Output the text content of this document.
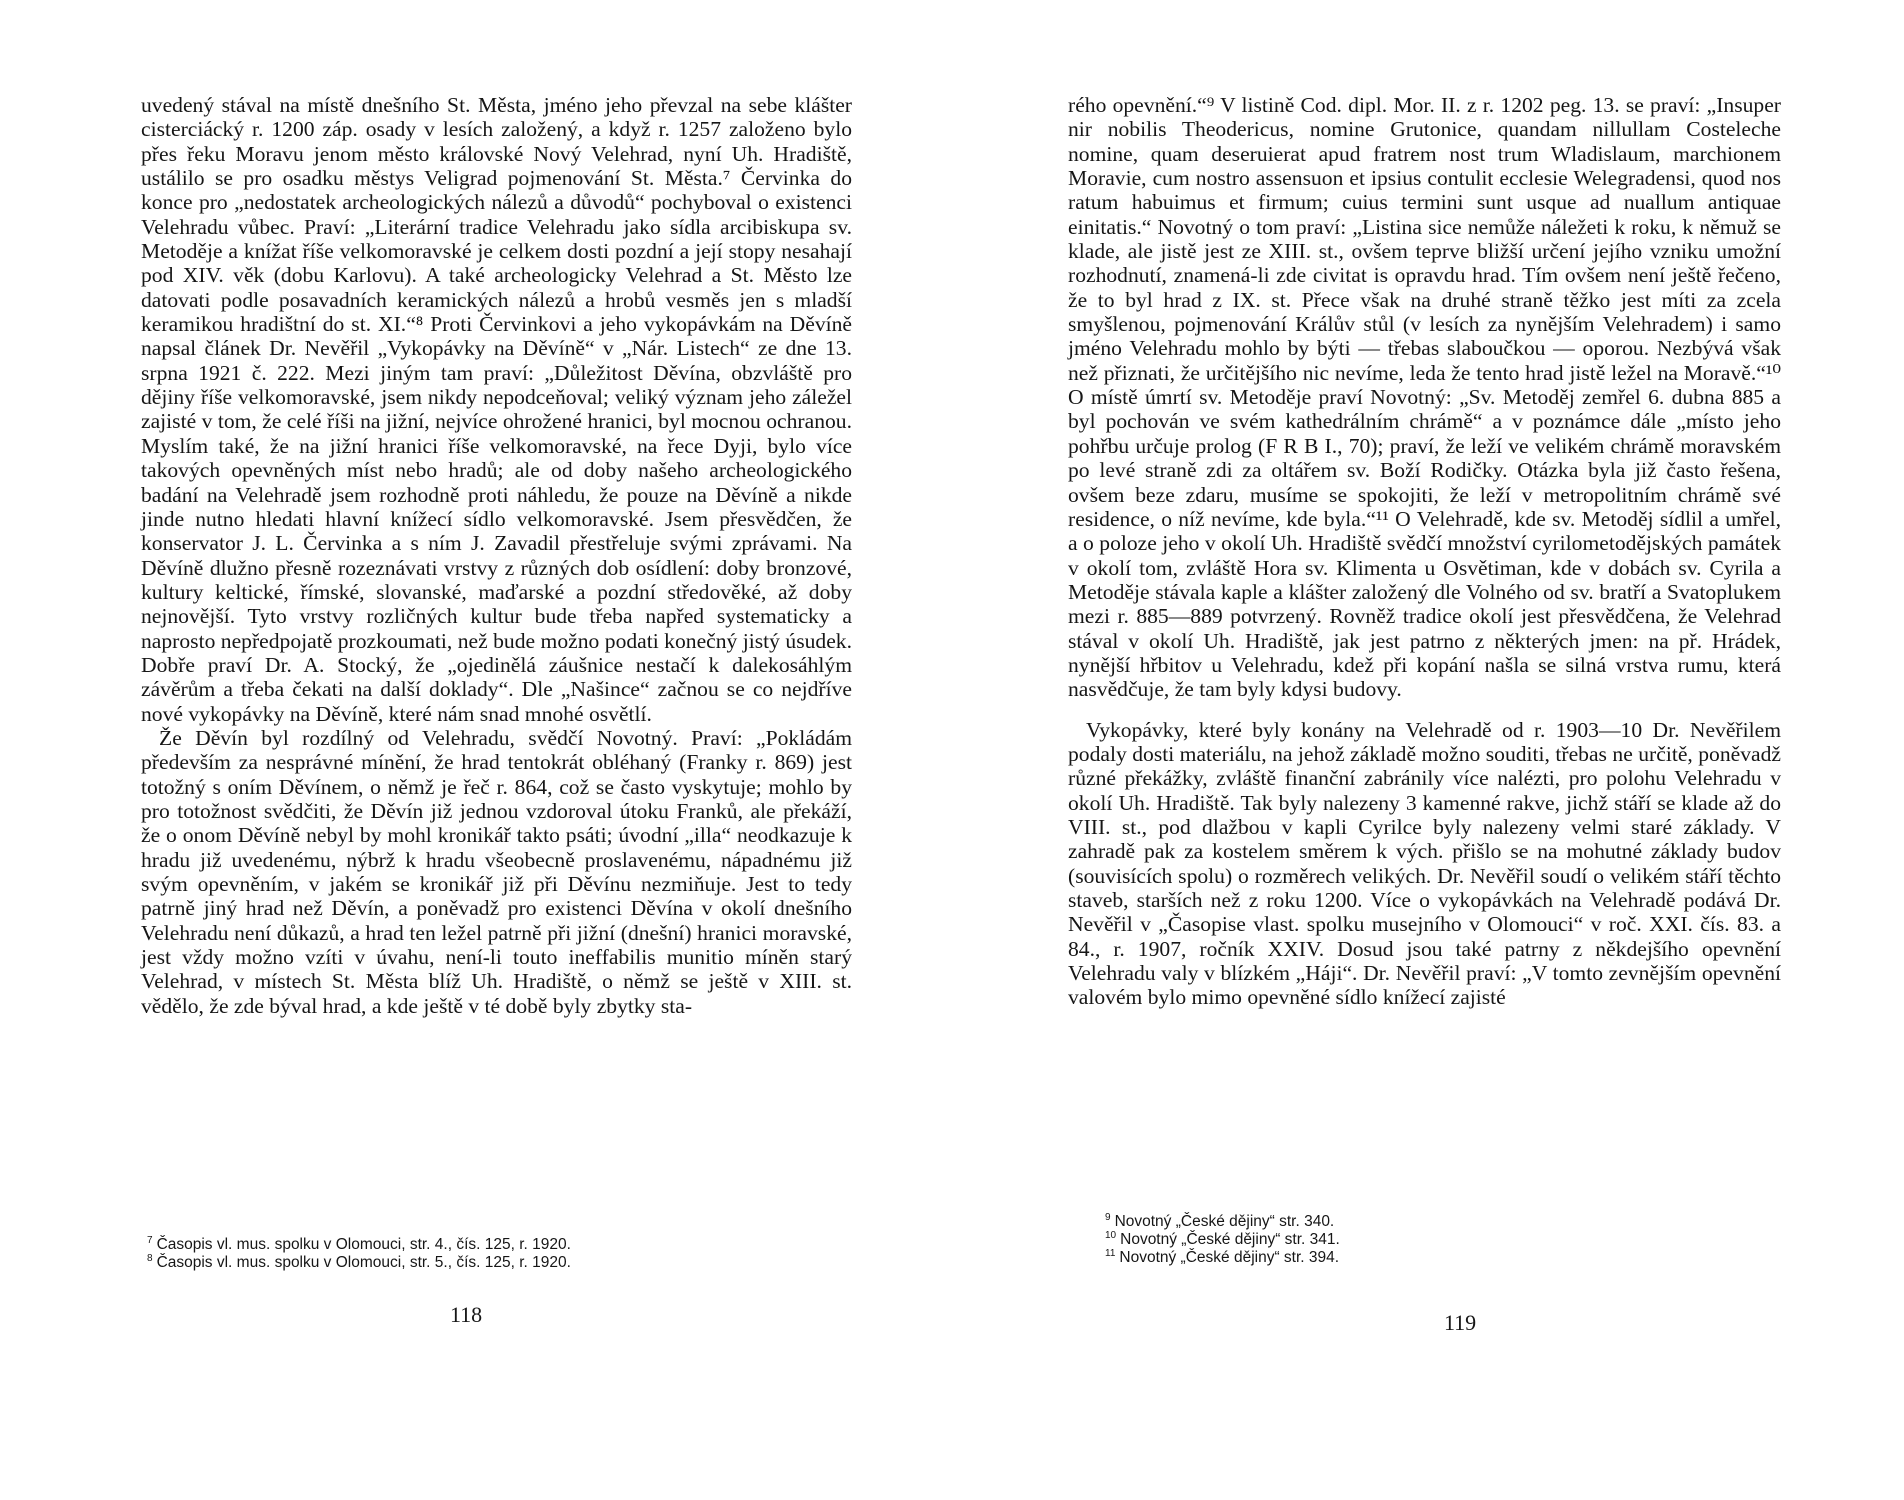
uvedený stával na místě dnešního St. Města, jméno jeho převzal na sebe klášter cisterciácký r. 1200 záp. osady v lesích založený, a když r. 1257 založeno bylo přes řeku Moravu jenom město královské Nový Velehrad, nyní Uh. Hradiště, ustálilo se pro osadku městys Veligrad pojmenování St. Města.⁷ Červinka do konce pro „nedostatek archeologických nálezů a důvodů“ pochyboval o existenci Velehradu vůbec. Praví: „Literární tradice Velehradu jako sídla arcibiskupa sv. Metoděje a knížat říše velkomoravské je celkem dosti pozdní a její stopy nesahají pod XIV. věk (dobu Karlovu). A také archeologicky Velehrad a St. Město lze datovati podle posavadních keramických nálezů a hrobů vesměs jen s mladší keramikou hradištní do st. XI.“⁸ Proti Červinkovi a jeho vykopávkám na Děvíně napsal článek Dr. Nevěřil „Vykopávky na Děvíně“ v „Nár. Listech“ ze dne 13. srpna 1921 č. 222. Mezi jiným tam praví: „Důležitost Děvína, obzvláště pro dějiny říše velkomoravské, jsem nikdy nepodceňoval; veliký význam jeho záležel zajisté v tom, že celé říši na jižní, nejvíce ohrožené hranici, byl mocnou ochranou. Myslím také, že na jižní hranici říše velkomoravské, na řece Dyji, bylo více takových opevněných míst nebo hradů; ale od doby našeho archeologického badání na Velehradě jsem rozhodně proti náhledu, že pouze na Děvíně a nikde jinde nutno hledati hlavní knížecí sídlo velkomoravské. Jsem přesvědčen, že konservator J. L. Červinka a s ním J. Zavadil přestřeluje svými zprávami. Na Děvíně dlužno přesně rozeznávati vrstvy z různých dob osídlení: doby bronzové, kultury keltické, římské, slovanské, maďarské a pozdní středověké, až doby nejnovější. Tyto vrstvy rozličných kultur bude třeba napřed systematicky a naprosto nepředpojatě prozkoumati, než bude možno podati konečný jistý úsudek. Dobře praví Dr. A. Stocký, že „ojedinělá záušnice nestačí k dalekosáhlým závěrům a třeba čekati na další doklady“. Dle „Našince“ začnou se co nejdříve nové vykopávky na Děvíně, které nám snad mnohé osvětlí.

Že Děvín byl rozdílný od Velehradu, svědčí Novotný. Praví: „Pokládám především za nesprávné mínění, že hrad tentokrát obléhaný (Franky r. 869) jest totožný s oním Děvínem, o němž je řeč r. 864, což se často vyskytuje; mohlo by pro totožnost svědčiti, že Děvín již jednou vzdoroval útoku Franků, ale překáží, že o onom Děvíně nebyl by mohl kronikář takto psáti; úvodní „illa“ neodkazuje k hradu již uvedenému, nýbrž k hradu všeobecně proslavenému, nápadnému již svým opevněním, v jakém se kronikář již při Děvínu nezmiňuje. Jest to tedy patrně jiný hrad než Děvín, a poněvadž pro existenci Děvína v okolí dnešního Velehradu není důkazů, a hrad ten ležel patrně při jižní (dnešní) hranici moravské, jest vždy možno vzíti v úvahu, není-li touto ineffabilis munitio míněn starý Velehrad, v místech St. Města blíž Uh. Hradiště, o němž se ještě v XIII. st. vědělo, že zde býval hrad, a kde ještě v té době byly zbytky sta-

$^7$ Časopis vl. mus. spolku v Olomouci, str. 4., čís. 125, r. 1920.
$^8$ Časopis vl. mus. spolku v Olomouci, str. 5., čís. 125, r. 1920.
118

rého opevnění.“⁹ V listině Cod. dipl. Mor. II. z r. 1202 peg. 13. se praví: „Insuper nir nobilis Theodericus, nomine Grutonice, quandam nillullam Costeleche nomine, quam deseruierat apud fratrem nost trum Wladislaum, marchionem Moravie, cum nostro assensuon et ipsius contulit ecclesie Welegradensi, quod nos ratum habuimus et firmum; cuius termini sunt usque ad nuallum antiquae einitatis.“ Novotný o tom praví: „Listina sice nemůže náležeti k roku, k němuž se klade, ale jistě jest ze XIII. st., ovšem teprve bližší určení jejího vzniku umožní rozhodnutí, znamená-li zde civitat is opravdu hrad. Tím ovšem není ještě řečeno, že to byl hrad z IX. st. Přece však na druhé straně těžko jest míti za zcela smyšlenou, pojmenování Králův stůl (v lesích za nynějším Velehradem) i samo jméno Velehradu mohlo by býti — třebas slaboučkou — oporou. Nezbývá však než přiznati, že určitějšího nic nevíme, leda že tento hrad jistě ležel na Moravě.“¹⁰ O místě úmrtí sv. Metoděje praví Novotný: „Sv. Metoděj zemřel 6. dubna 885 a byl pochován ve svém kathedrálním chrámě“ a v poznámce dále „místo jeho pohřbu určuje prolog (F R B I., 70); praví, že leží ve velikém chrámě moravském po levé straně zdi za oltářem sv. Boží Rodičky. Otázka byla již často řešena, ovšem beze zdaru, musíme se spokojiti, že leží v metropolitním chrámě své residence, o níž nevíme, kde byla.“¹¹ O Velehradě, kde sv. Metoděj sídlil a umřel, a o poloze jeho v okolí Uh. Hradiště svědčí množství cyrilometodějských památek v okolí tom, zvláště Hora sv. Klimenta u Osvětiman, kde v dobách sv. Cyrila a Metoděje stávala kaple a klášter založený dle Volného od sv. bratří a Svatoplukem mezi r. 885—889 potvrzený. Rovněž tradice okolí jest přesvědčena, že Velehrad stával v okolí Uh. Hradiště, jak jest patrno z některých jmen: na př. Hrádek, nynější hřbitov u Velehradu, kdež při kopání našla se silná vrstva rumu, která nasvědčuje, že tam byly kdysi budovy.

Vykopávky, které byly konány na Velehradě od r. 1903—10 Dr. Nevěřilem podaly dosti materiálu, na jehož základě možno souditi, třebas ne určitě, poněvadž různé překážky, zvláště finanční zabránily více nalézti, pro polohu Velehradu v okolí Uh. Hradiště. Tak byly nalezeny 3 kamenné rakve, jichž stáří se klade až do VIII. st., pod dlažbou v kapli Cyrilce byly nalezeny velmi staré základy. V zahradě pak za kostelem směrem k vých. přišlo se na mohutné základy budov (souvisících spolu) o rozměrech velikých. Dr. Nevěřil soudí o velikém stáří těchto staveb, starších než z roku 1200. Více o vykopávkách na Velehradě podává Dr. Nevěřil v „Časopise vlast. spolku musejního v Olomouci“ v roč. XXI. čís. 83. a 84., r. 1907, ročník XXIV. Dosud jsou také patrny z někdejšího opevnění Velehradu valy v blízkém „Háji“. Dr. Nevěřil praví: „V tomto zevnějším opevnění valovém bylo mimo opevněné sídlo knížecí zajisté

$^9$ Novotný „České dějiny“ str. 340.
$^{10}$ Novotný „České dějiny“ str. 341.
$^{11}$ Novotný „České dějiny“ str. 394.
119
